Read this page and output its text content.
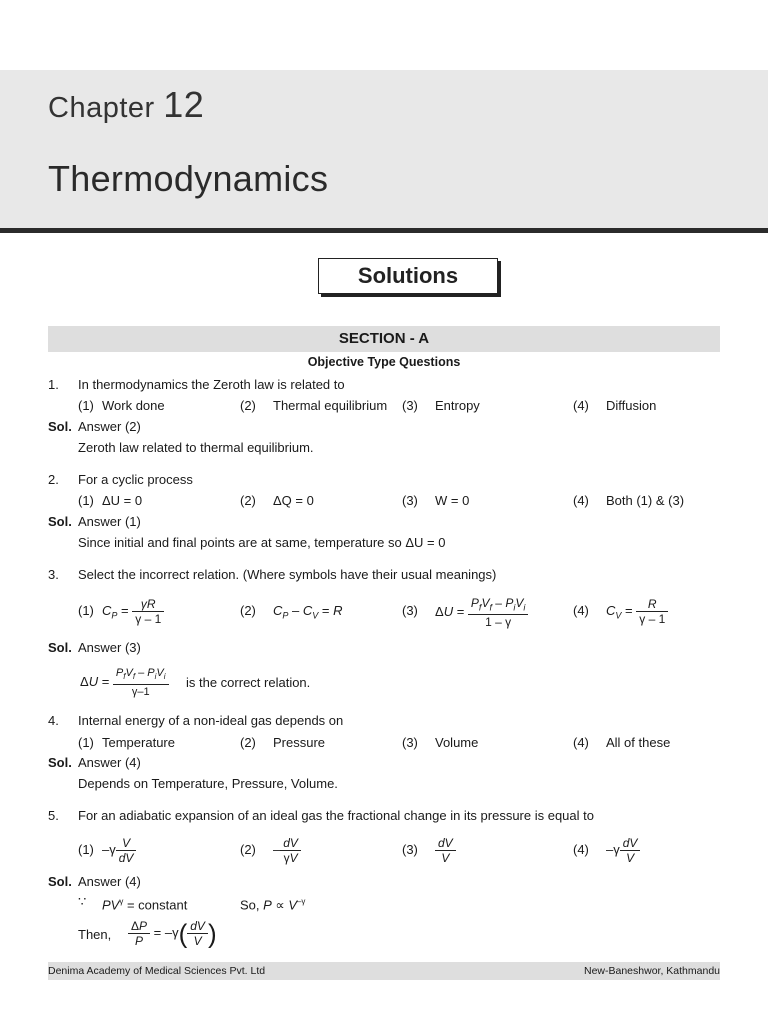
Chapter 12
Thermodynamics
Solutions
SECTION - A
Objective Type Questions
1. In thermodynamics the Zeroth law is related to
(1) Work done	(2) Thermal equilibrium (3) Entropy	(4) Diffusion
Sol. Answer (2)
Zeroth law related to thermal equilibrium.
2. For a cyclic process
(1) ΔU = 0	(2) ΔQ = 0	(3) W = 0	(4) Both (1) & (3)
Sol. Answer (1)
Since initial and final points are at same, temperature so ΔU = 0
3. Select the incorrect relation. (Where symbols have their usual meanings)
(1)	(2)	(3)	(4)
$C_P = \frac{\gamma R}{\gamma - 1}$	$C_P - C_V = R$	$\Delta U = \frac{P_fV_f - P_iV_i}{1 - \gamma}$	$C_V = \frac{R}{\gamma - 1}$
Sol. Answer (3)
$\Delta U = \frac{P_fV_f - P_iV_i}{\gamma-1}$ is the correct relation.
4. Internal energy of a non-ideal gas depends on
(1) Temperature	(2) Pressure	(3) Volume	(4) All of these
Sol. Answer (4)
Depends on Temperature, Pressure, Volume.
5. For an adiabatic expansion of an ideal gas the fractional change in its pressure is equal to
(1)	(2)	(3)	(4)
$-\gamma \frac{V}{dV}$	– $\frac{dV}{\gamma V}$	$\frac{dV}{V}$	$-\gamma \frac{dV}{V}$
Sol. Answer (4)
∵ $PV^\gamma$ = constant	So, $P \propto V^{-\gamma}$
Then, $\frac{\Delta P}{P} = -\gamma( \frac{dV}{V}$ )
Denima Academy of Medical Sciences Pvt. Ltd	New-Baneshwor, Kathmandu
